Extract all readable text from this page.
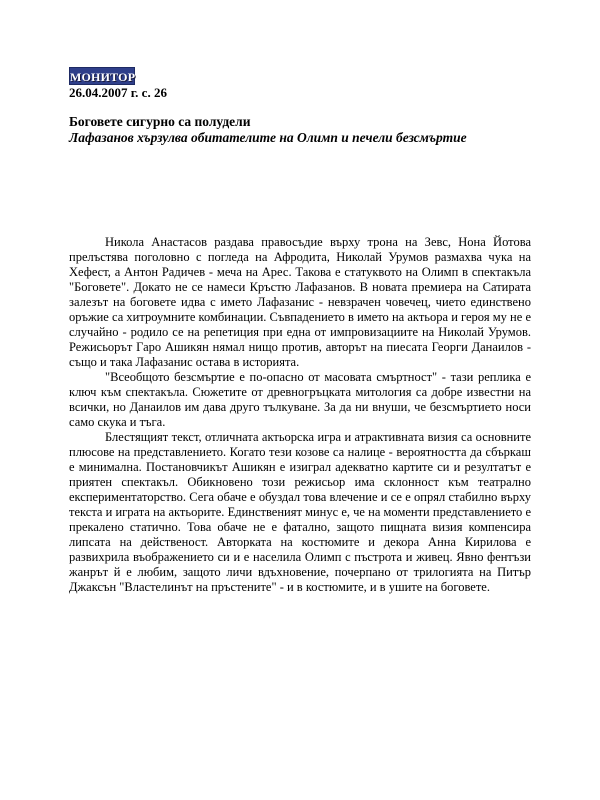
МОНИТОР
26.04.2007 г. с. 26
Боговете сигурно са полудели
Лафазанов хързулва обитателите на Олимп и печели безсмъртие

Никола Анастасов раздава правосъдие върху трона на Зевс, Нона Йотова прелъстява поголовно с погледа на Афродита, Николай Урумов размахва чука на Хефест, а Антон Радичев - меча на Арес. Такова е статуквото на Олимп в спектакъла "Боговете". Докато не се намеси Кръстю Лафазанов. В новата премиера на Сатирата залезът на боговете идва с името Лафазанис - невзрачен човечец, чието единствено оръжие са хитроумните комбинации. Съвпадението в името на актьора и героя му не е случайно - родило се на репетиция при една от импровизациите на Николай Урумов. Режисьорът Гаро Ашикян нямал нищо против, авторът на пиесата Георги Данаилов - също и така Лафазанис остава в историята.

"Всеобщото безсмъртие е по-опасно от масовата смъртност" - тази реплика е ключ към спектакъла. Сюжетите от древногръцката митология са добре известни на всички, но Данаилов им дава друго тълкуване. За да ни внуши, че безсмъртието носи само скука и тъга.

Блестящият текст, отличната актьорска игра и атрактивната визия са основните плюсове на представлението. Когато тези козове са налице - вероятността да сбъркаш е минимална. Постановчикът Ашикян е изиграл адекватно картите си и резултатът е приятен спектакъл. Обикновено този режисьор има склонност към театрално експериментаторство. Сега обаче е обуздал това влечение и се е опрял стабилно върху текста и играта на актьорите. Единственият минус е, че на моменти представлението е прекалено статично. Това обаче не е фатално, защото пищната визия компенсира липсата на действеност. Авторката на костюмите и декора Анна Кирилова е развихрила въображението си и е населила Олимп с пъстрота и живец. Явно фентъзи жанрът й е любим, защото личи вдъхновение, почерпано от трилогията на Питър Джаксън "Властелинът на пръстените" - и в костюмите, и в ушите на боговете.
